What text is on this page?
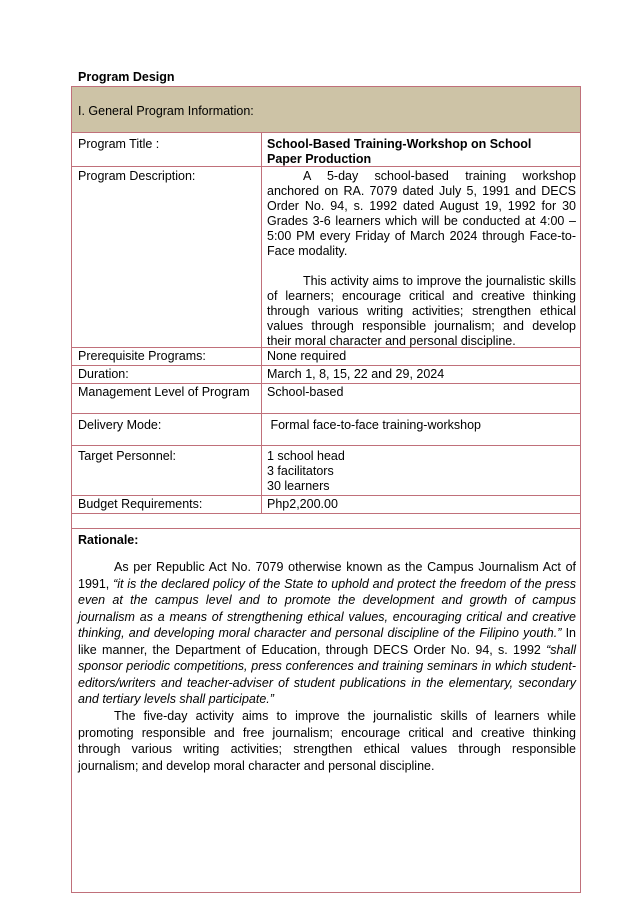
Program Design
I. General Program Information:
Program Title :	School-Based Training-Workshop on School
Paper Production
Program Description:	A 5-day school-based training workshop anchored on RA. 7079 dated July 5, 1991 and DECS Order No. 94, s. 1992 dated August 19, 1992 for 30 Grades 3-6 learners which will be conducted at 4:00 – 5:00 PM every Friday of March 2024 through Face-to-Face modality.
This activity aims to improve the journalistic skills of learners; encourage critical and creative thinking through various writing activities; strengthen ethical values through responsible journalism; and develop their moral character and personal discipline.
Prerequisite Programs:	None required
Duration:	March 1, 8, 15, 22 and 29, 2024
Management Level of Program School-based
Delivery Mode:	Formal face-to-face training-workshop
Target Personnel:	1 school head
3 facilitators
30 learners
Budget Requirements:	Php2,200.00
Rationale:
As per Republic Act No. 7079 otherwise known as the Campus Journalism Act of 1991, “it is the declared policy of the State to uphold and protect the freedom of the press even at the campus level and to promote the development and growth of campus journalism as a means of strengthening ethical values, encouraging critical and creative thinking, and developing moral character and personal discipline of the Filipino youth.” In like manner, the Department of Education, through DECS Order No. 94, s. 1992 “shall sponsor periodic competitions, press conferences and training seminars in which student-editors/writers and teacher-adviser of student publications in the elementary, secondary and tertiary levels shall participate.”
The five-day activity aims to improve the journalistic skills of learners while promoting responsible and free journalism; encourage critical and creative thinking through various writing activities; strengthen ethical values through responsible journalism; and develop moral character and personal discipline.
